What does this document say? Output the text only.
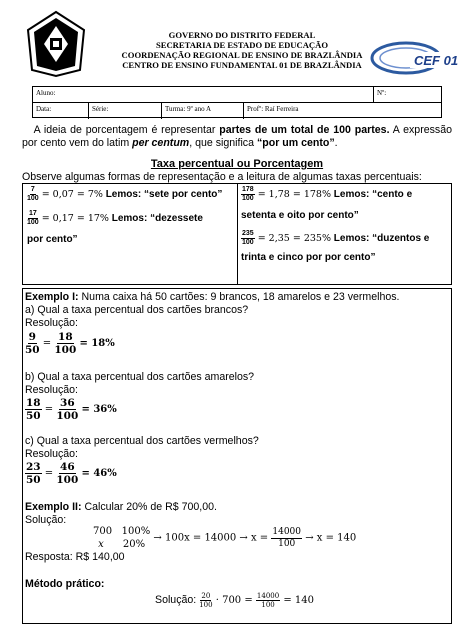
GOVERNO DO DISTRITO FEDERAL
SECRETARIA DE ESTADO DE EDUCAÇÃO
COORDENAÇÃO REGIONAL DE ENSINO DE BRAZLÂNDIA
CENTRO DE ENSINO FUNDAMENTAL 01 DE BRAZLÂNDIA	CEF 01
Aluno:	Nº:
Data:	Série:	Turma: 9º ano A	Profº: Raí Ferreira
A ideia de porcentagem é representar partes de um total de 100 partes. A expressão por cento vem do latim per centum, que significa “por um cento”.
Taxa percentual ou Porcentagem
Observe algumas formas de representação e a leitura de algumas taxas percentuais:
$\frac{7}{100} = 0,07 = 7\%$ Lemos: “sete por cento”
$\frac{17}{100} = 0,17 = 17\%$ Lemos: “dezessete
por cento”
$\frac{178}{100} = 1,78 = 178\%$ Lemos: “cento e
setenta e oito por cento”
$\frac{235}{100} = 2,35 = 235\%$ Lemos: “duzentos e
trinta e cinco por por cento”
Exemplo I: Numa caixa há 50 cartões: 9 brancos, 18 amarelos e 23 vermelhos.
a) Qual a taxa percentual dos cartões brancos?
Resolução:
$\frac{9}{50} = \frac{18}{100} = 18\%$
b) Qual a taxa percentual dos cartões amarelos?
Resolução:
$\frac{18}{50} = \frac{36}{100} = 36\%$
c) Qual a taxa percentual dos cartões vermelhos?
Resolução:
$\frac{23}{50} = \frac{46}{100} = 46\%$
Exemplo II: Calcular 20% de R$ 700,00.
Solução:
700 100%
x $20\% \to 100x = 14000 \to x = \frac{14000}{100} \to x = 140$
Resposta: R$ 140,00
Método prático:
Solução: $\frac{20}{100} \cdot 700 = \frac{14000}{100} = 140$
